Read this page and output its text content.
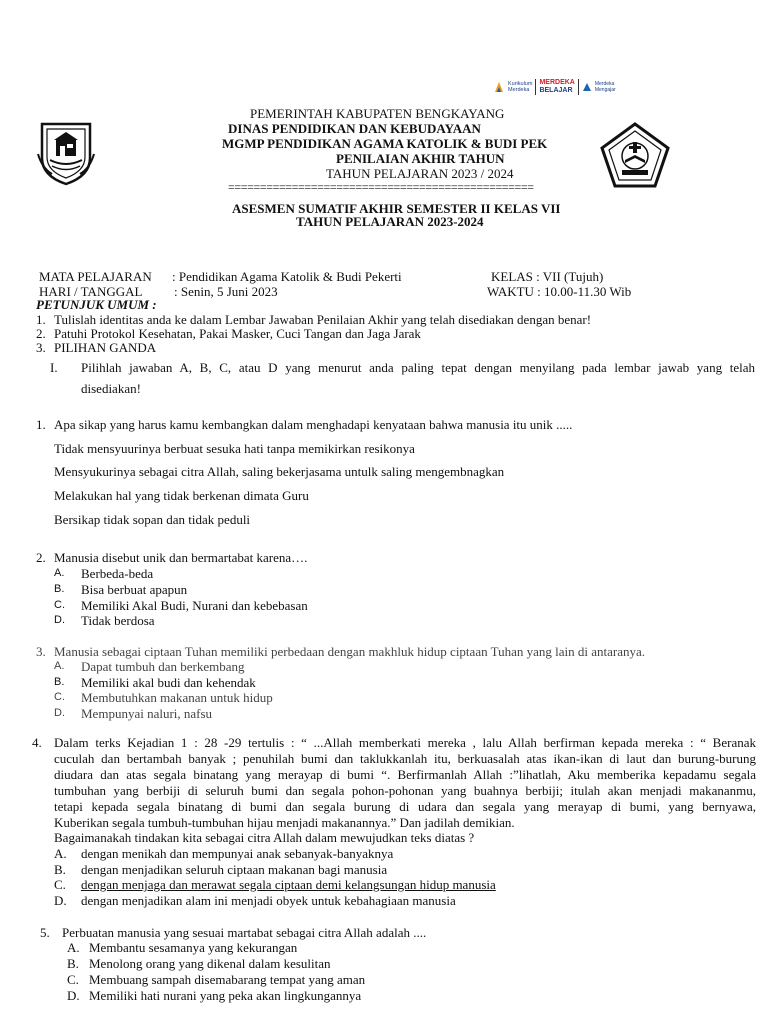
Kurikulum
Merdeka
MERDEKA
BELAJAR
Merdeka
Mengajar
PEMERINTAH KABUPATEN BENGKAYANG
DINAS PENDIDIKAN DAN KEBUDAYAAN
MGMP PENDIDIKAN AGAMA KATOLIK & BUDI PEK
PENILAIAN AKHIR TAHUN
TAHUN PELAJARAN 2023 / 2024
================================================
ASESMEN SUMATIF AKHIR SEMESTER II KELAS VII
TAHUN PELAJARAN 2023-2024
MATA PELAJARAN : Pendidikan Agama Katolik & Budi Pekerti	KELAS : VII (Tujuh)
HARI / TANGGAL : Senin, 5 Juni 2023	WAKTU : 10.00-11.30 Wib
PETUNJUK UMUM :
1. Tulislah identitas anda ke dalam Lembar Jawaban Penilaian Akhir yang telah disediakan dengan benar!
2. Patuhi Protokol Kesehatan, Pakai Masker, Cuci Tangan dan Jaga Jarak
3. PILIHAN GANDA
I. Pilihlah jawaban A, B, C, atau D yang menurut anda paling tepat dengan menyilang pada lembar jawab yang telah
disediakan!
1. Apa sikap yang harus kamu kembangkan dalam menghadapi kenyataan bahwa manusia itu unik .....
Tidak mensyuurinya berbuat sesuka hati tanpa memikirkan resikonya
Mensyukurinya sebagai citra Allah, saling bekerjasama untulk saling mengembnagkan
Melakukan hal yang tidak berkenan dimata Guru
Bersikap tidak sopan dan tidak peduli
2. Manusia disebut unik dan bermartabat karena….
A. Berbeda-beda
B. Bisa berbuat apapun
C. Memiliki Akal Budi, Nurani dan kebebasan
D. Tidak berdosa
3. Manusia sebagai ciptaan Tuhan memiliki perbedaan dengan makhluk hidup ciptaan Tuhan yang lain di antaranya.
A. Dapat tumbuh dan berkembang
B. Memiliki akal budi dan kehendak
C. Membutuhkan makanan untuk hidup
D. Mempunyai naluri, nafsu
4. Dalam terks Kejadian 1 : 28 -29 tertulis : “ ...Allah memberkati mereka , lalu Allah berfirman kepada mereka : “ Beranak
cuculah dan bertambah banyak ; penuhilah bumi dan taklukkanlah itu, berkuasalah atas ikan-ikan di laut dan burung-burung
diudara dan atas segala binatang yang merayap di bumi “. Berfirmanlah Allah :”lihatlah, Aku memberika kepadamu segala
tumbuhan yang berbiji di seluruh bumi dan segala pohon-pohonan yang buahnya berbiji; itulah akan menjadi makananmu,
tetapi kepada segala binatang di bumi dan segala burung di udara dan segala yang merayap di bumi, yang bernyawa,
Kuberikan segala tumbuh-tumbuhan hijau menjadi makanannya.” Dan jadilah demikian.
Bagaimanakah tindakan kita sebagai citra Allah dalam mewujudkan teks diatas ?
A. dengan menikah dan mempunyai anak sebanyak-banyaknya
B. dengan menjadikan seluruh ciptaan makanan bagi manusia
C. dengan menjaga dan merawat segala ciptaan demi kelangsungan hidup manusia
D. dengan menjadikan alam ini menjadi obyek untuk kebahagiaan manusia
5. Perbuatan manusia yang sesuai martabat sebagai citra Allah adalah ....
A. Membantu sesamanya yang kekurangan
B. Menolong orang yang dikenal dalam kesulitan
C. Membuang sampah disemabarang tempat yang aman
D. Memiliki hati nurani yang peka akan lingkungannya
